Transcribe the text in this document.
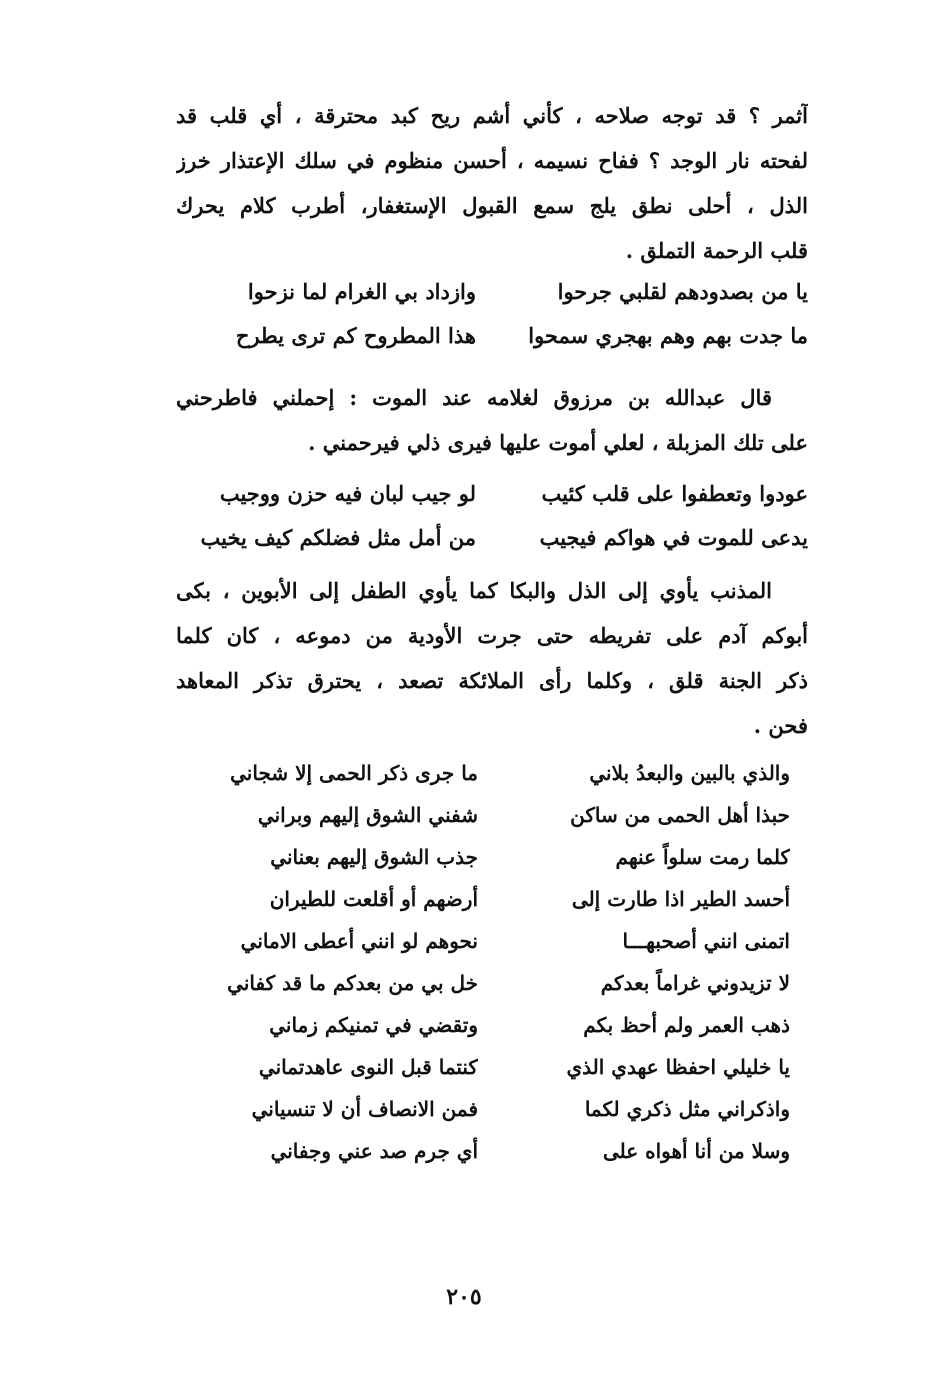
آثمر ؟ قد توجه صلاحه ، كأني أشم ريح كبد محترقة ، أي قلب قد
لفحته نار الوجد ؟ ففاح نسيمه ، أحسن منظوم في سلك الإعتذار خرز
الذل ، أحلى نطق يلج سمع القبول الإستغفار، أطرب كلام يحرك
قلب الرحمة التملق .
يا من بصدودهم لقلبي جرحوا
وازداد بي الغرام لما نزحوا
ما جدت بهم وهم بهجري سمحوا
هذا المطروح كم ترى يطرح
قال عبدالله بن مرزوق لغلامه عند الموت : إحملني فاطرحني
على تلك المزبلة ، لعلي أموت عليها فيرى ذلي فيرحمني .
عودوا وتعطفوا على قلب كئيب
لو جيب لبان فيه حزن ووجيب
يدعى للموت في هواكم فيجيب
من أمل مثل فضلكم كيف يخيب
المذنب يأوي إلى الذل والبكا كما يأوي الطفل إلى الأبوين ، بكى
أبوكم آدم على تفريطه حتى جرت الأودية من دموعه ، كان كلما
ذكر الجنة قلق ، وكلما رأى الملائكة تصعد ، يحترق تذكر المعاهد
فحن .
والذي بالبين والبعدُ بلاني
ما جرى ذكر الحمى إلا شجاني
حبذا أهل الحمى من ساكن
شفني الشوق إليهم وبراني
كلما رمت سلواً عنهم
جذب الشوق إليهم بعناني
أحسد الطير اذا طارت إلى
أرضهم أو أقلعت للطيران
اتمنى انني أصحبهـــا
نحوهم لو انني أعطى الاماني
لا تزيدوني غراماً بعدكم
خل بي من بعدكم ما قد كفاني
ذهب العمر ولم أحظ بكم
وتقضي في تمنيكم زماني
يا خليلي احفظا عهدي الذي
كنتما قبل النوى عاهدتماني
واذكراني مثل ذكري لكما
فمن الانصاف أن لا تنسياني
وسلا من أنا أهواه على
أي جرم صد عني وجفاني
٢٠٥
